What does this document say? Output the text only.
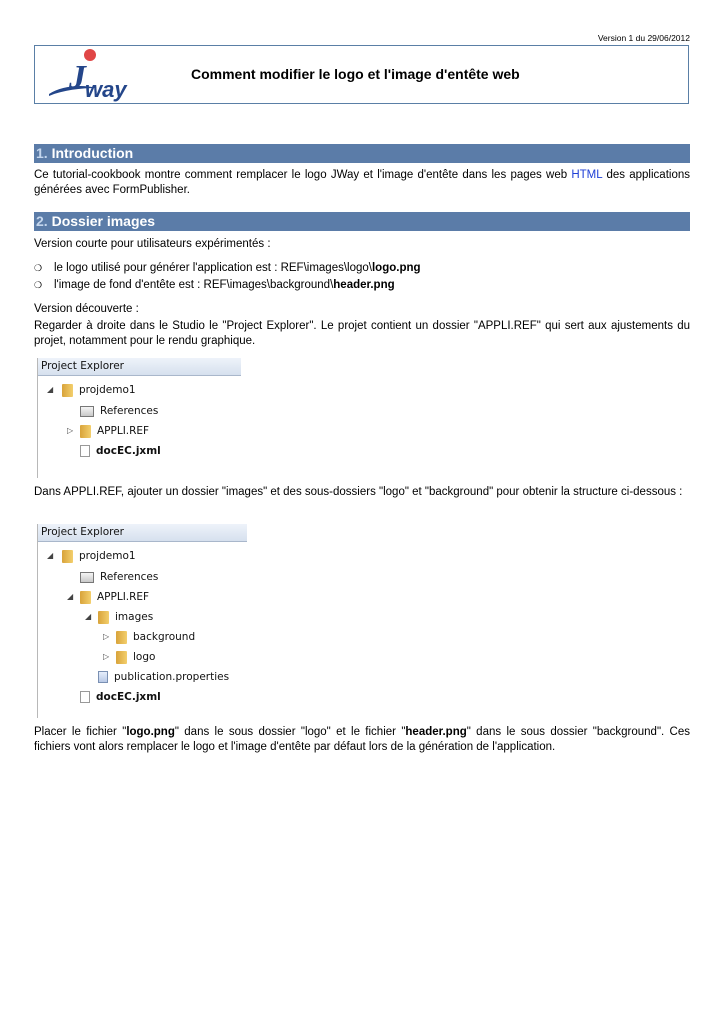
Version 1 du 29/06/2012
J way
Comment modifier le logo et l'image d'entête web
1. Introduction
Ce tutorial-cookbook montre comment remplacer le logo JWay et l'image d'entête dans les pages web HTML des applications générées avec FormPublisher.
2. Dossier images
Version courte pour utilisateurs expérimentés :
❍ le logo utilisé pour générer l'application est : REF\images\logo\logo.png
❍ l'image de fond d'entête est : REF\images\background\header.png
Version découverte :
Regarder à droite dans le Studio le "Project Explorer". Le projet contient un dossier "APPLI.REF" qui sert aux ajustements du projet, notamment pour le rendu graphique.
Project Explorer
◢	projdemo1
References
▷	APPLI.REF
docEC.jxml
Dans APPLI.REF, ajouter un dossier "images" et des sous-dossiers "logo" et "background" pour obtenir la structure ci-dessous :
Project Explorer
◢	projdemo1
References
◢	APPLI.REF
◢	images
▷	background
▷	logo
publication.properties
docEC.jxml
Placer le fichier "logo.png" dans le sous dossier "logo" et le fichier "header.png" dans le sous dossier "background". Ces fichiers vont alors remplacer le logo et l'image d'entête par défaut lors de la génération de l'application.
